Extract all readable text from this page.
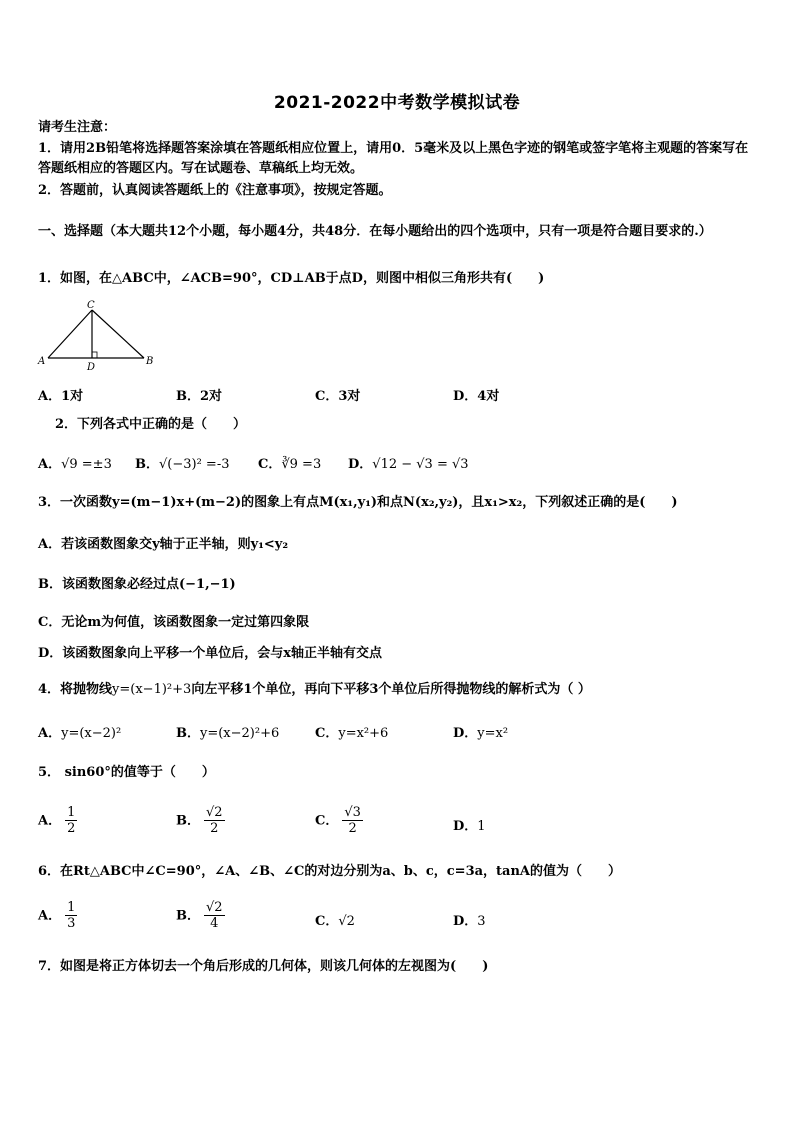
2021-2022中考数学模拟试卷
请考生注意：
1．请用2B铅笔将选择题答案涂填在答题纸相应位置上，请用0．5毫米及以上黑色字迹的钢笔或签字笔将主观题的答案写在答题纸相应的答题区内。写在试题卷、草稿纸上均无效。
2．答题前，认真阅读答题纸上的《注意事项》，按规定答题。
一、选择题（本大题共12个小题，每小题4分，共48分．在每小题给出的四个选项中，只有一项是符合题目要求的.）
1．如图，在△ABC中，∠ACB=90°，CD⊥AB于点D，则图中相似三角形共有(　　)
C
A	B
D
A．1对	B．2对	C．3对	D．4对
2．下列各式中正确的是（　　）
A．√9 =±3 B．√(−3)² =-3 C．∛9 =3 D．√12 − √3 = √3
3．一次函数y=(m−1)x+(m−2)的图象上有点M(x₁,y₁)和点N(x₂,y₂)，且x₁>x₂，下列叙述正确的是(　　)
A．若该函数图象交y轴于正半轴，则y₁<y₂
B．该函数图象必经过点(−1,−1)
C．无论m为何值，该函数图象一定过第四象限
D．该函数图象向上平移一个单位后，会与x轴正半轴有交点
4．将抛物线y=(x−1)²+3向左平移1个单位，再向下平移3个单位后所得抛物线的解析式为（ ）
A．y=(x−2)²	B．y=(x−2)²+6	C．y=x²+6	D．y=x²
5． sin60°的值等于（　　）
A． $\frac{1}{2}$	B． $\frac{√2}{2}$	C． $\frac{√3}{2}$	D．1
6．在Rt△ABC中∠C=90°，∠A、∠B、∠C的对边分别为a、b、c，c=3a，tanA的值为（　　）
A． $\frac{1}{3}$	B． $\frac{√2}{4}$	C．√2	D．3
7．如图是将正方体切去一个角后形成的几何体，则该几何体的左视图为(　　)
